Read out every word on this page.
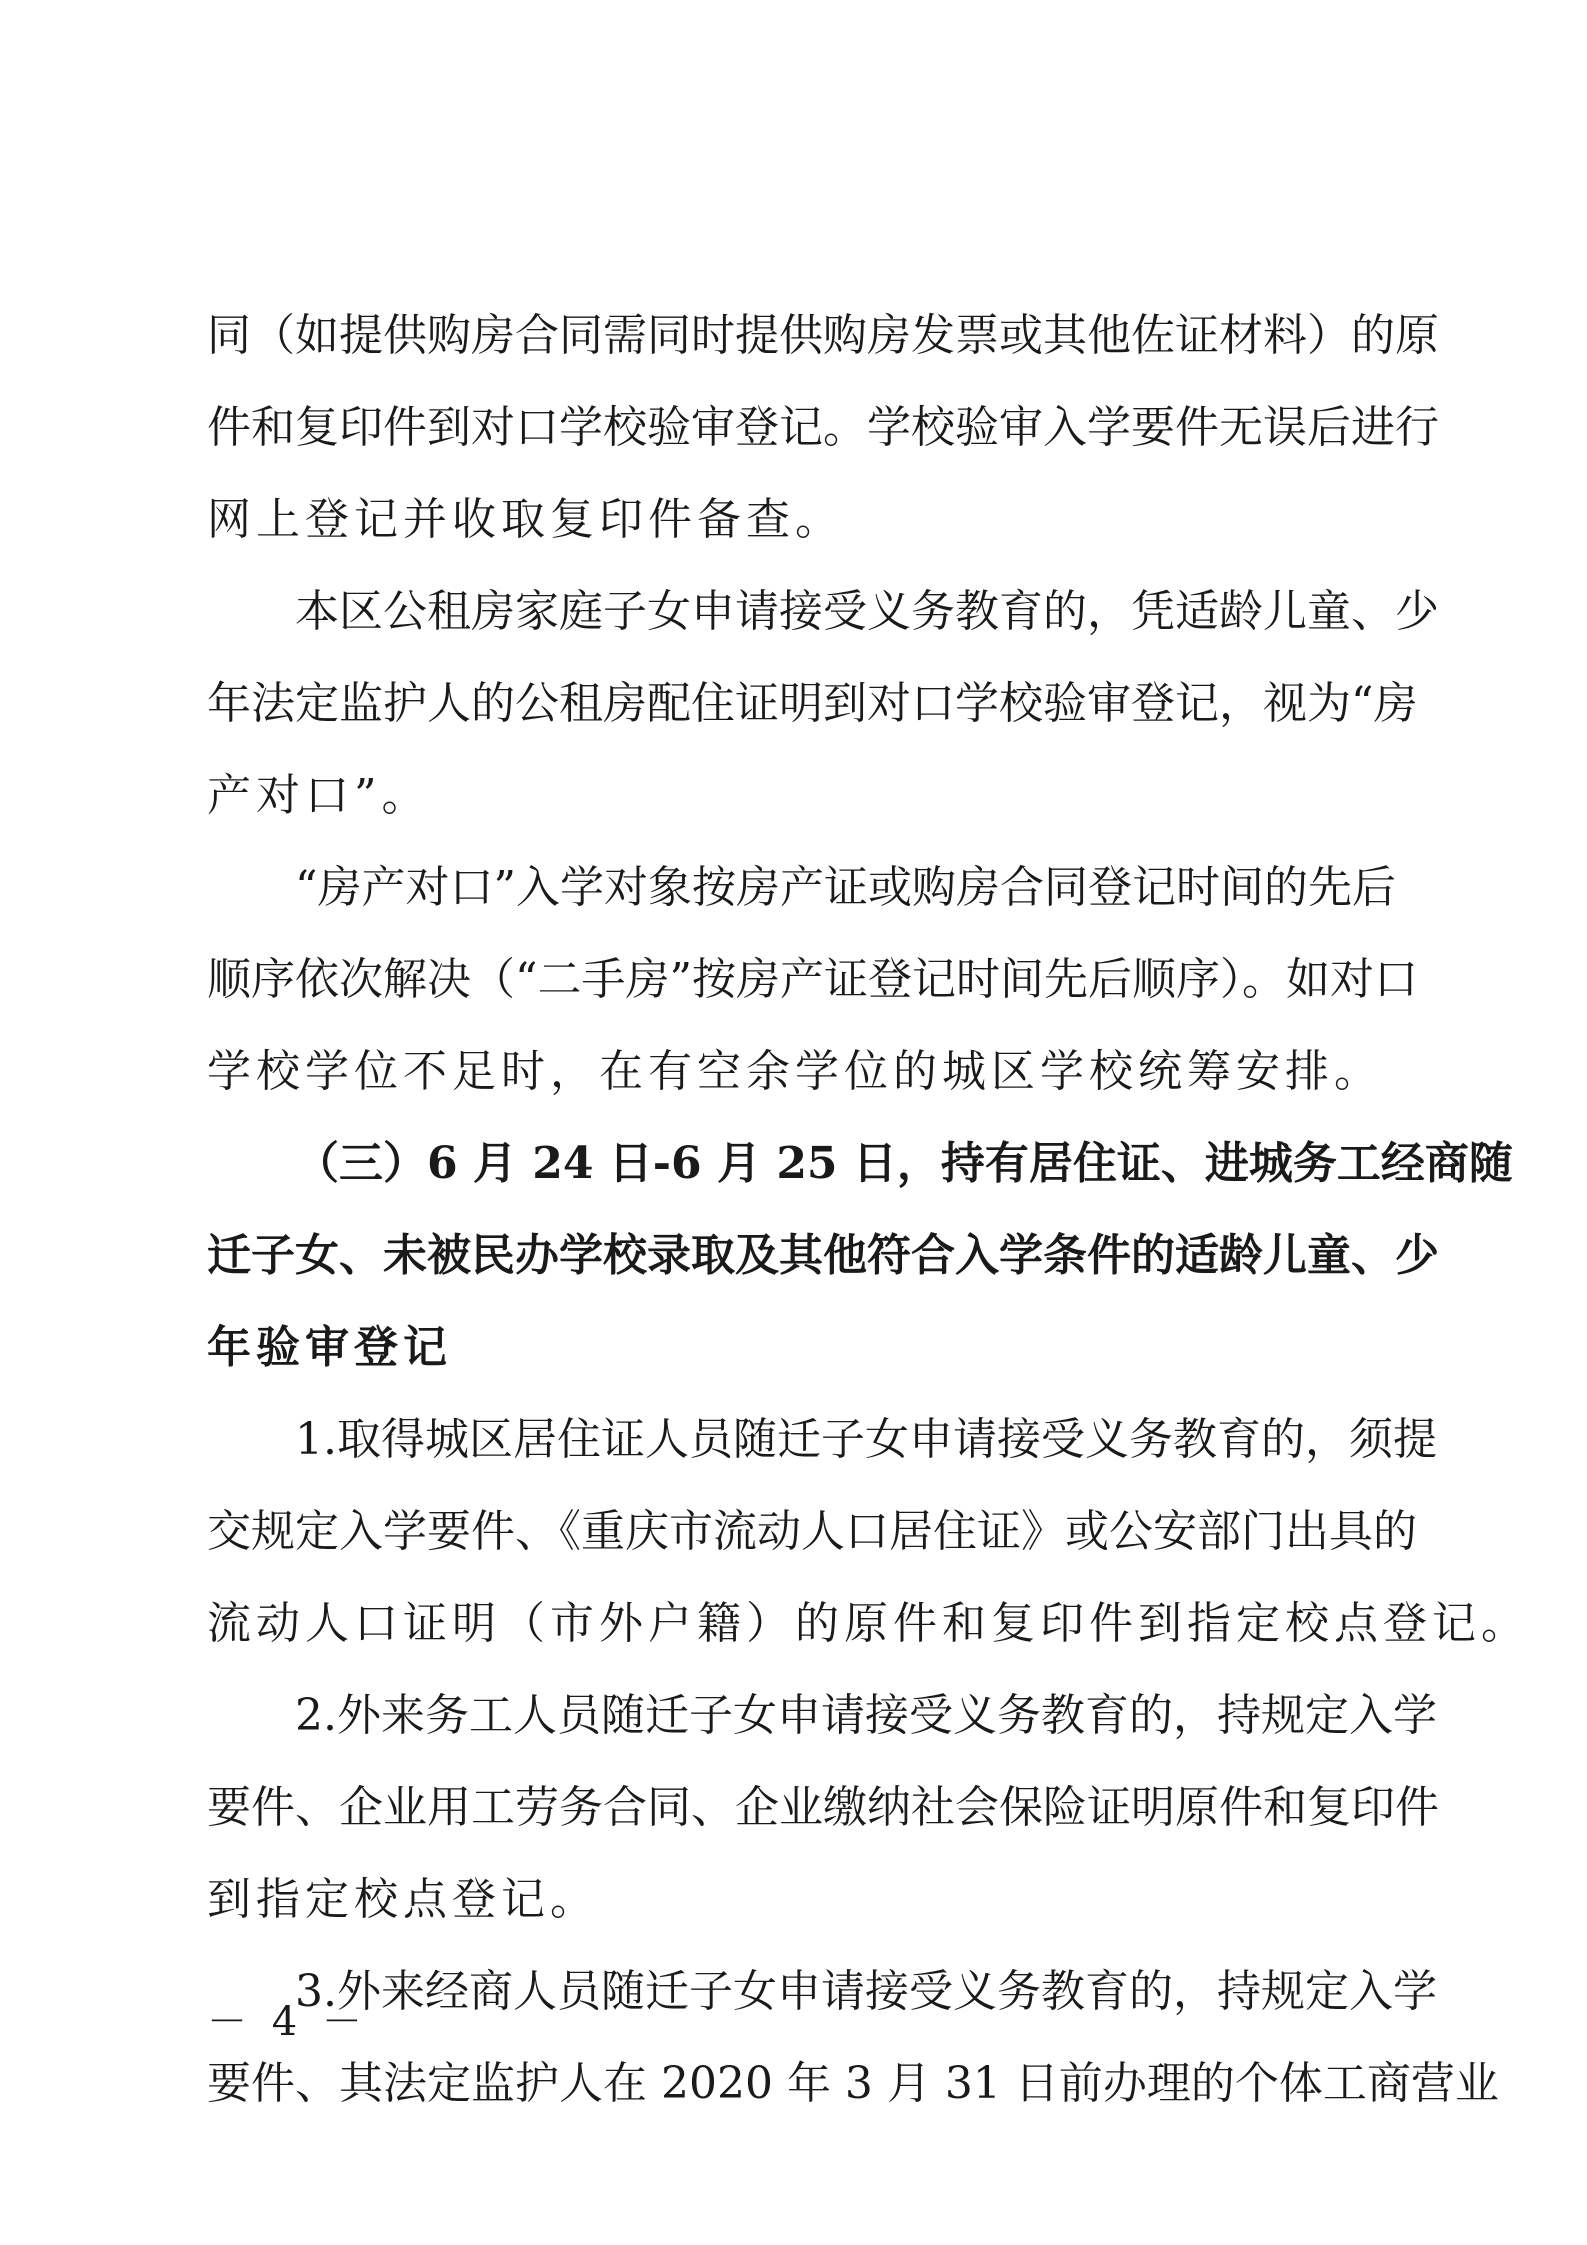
同（如提供购房合同需同时提供购房发票或其他佐证材料）的原
件和复印件到对口学校验审登记。学校验审入学要件无误后进行
网上登记并收取复印件备查。
本区公租房家庭子女申请接受义务教育的，凭适龄儿童、少
年法定监护人的公租房配住证明到对口学校验审登记，视为“房
产对口”。
“房产对口”入学对象按房产证或购房合同登记时间的先后
顺序依次解决（“二手房”按房产证登记时间先后顺序）。如对口
学校学位不足时，在有空余学位的城区学校统筹安排。
（三）6 月 24 日-6 月 25 日，持有居住证、进城务工经商随
迁子女、未被民办学校录取及其他符合入学条件的适龄儿童、少
年验审登记
1.取得城区居住证人员随迁子女申请接受义务教育的，须提
交规定入学要件、《重庆市流动人口居住证》或公安部门出具的
流动人口证明（市外户籍）的原件和复印件到指定校点登记。
2.外来务工人员随迁子女申请接受义务教育的，持规定入学
要件、企业用工劳务合同、企业缴纳社会保险证明原件和复印件
到指定校点登记。
3.外来经商人员随迁子女申请接受义务教育的，持规定入学
要件、其法定监护人在 2020 年 3 月 31 日前办理的个体工商营业
－ 4 －
